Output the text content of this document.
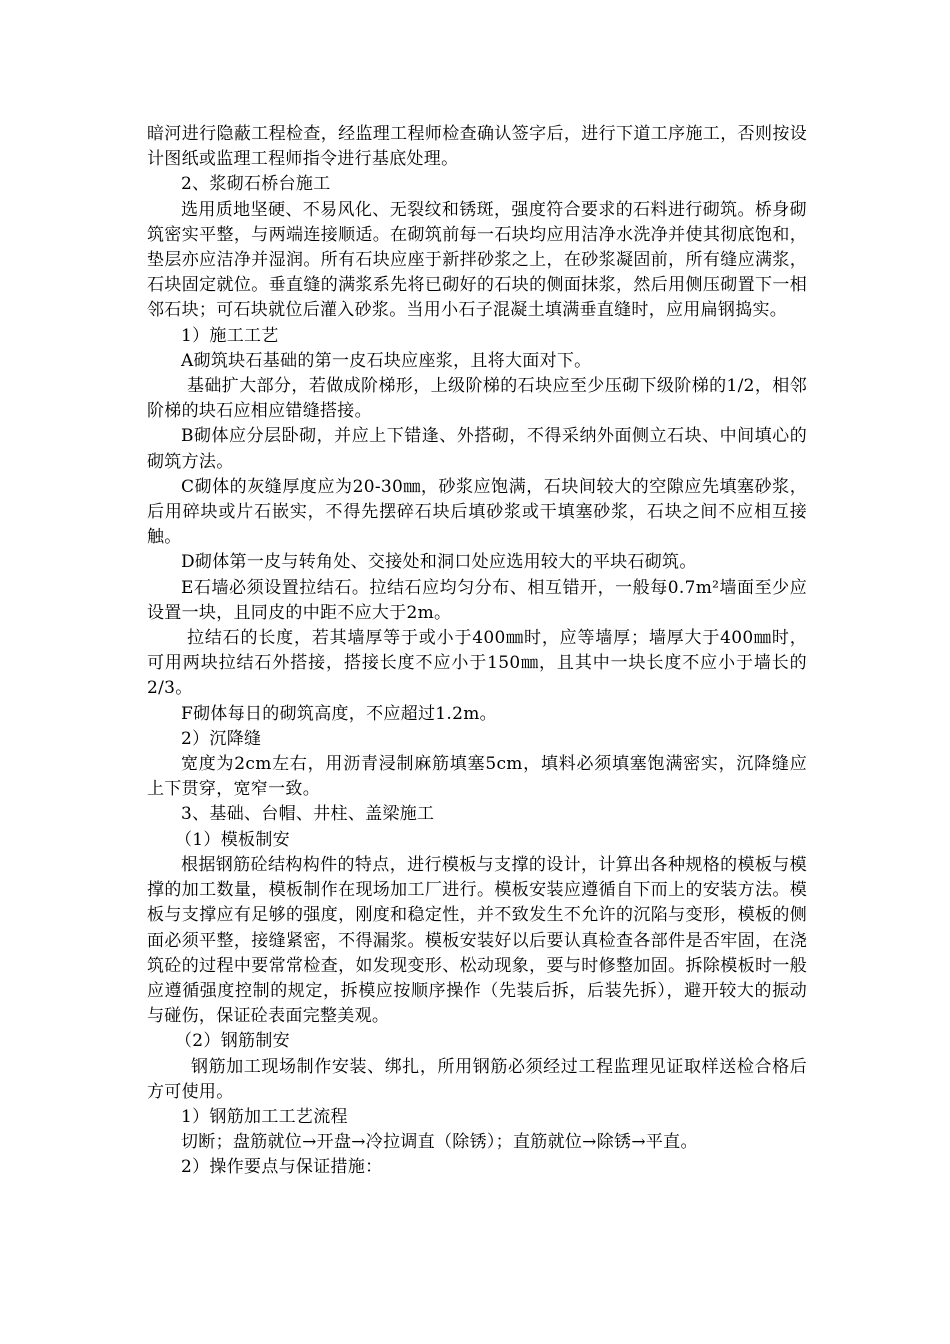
暗河进行隐蔽工程检查，经监理工程师检查确认签字后，进行下道工序施工，否则按设计图纸或监理工程师指令进行基底处理。

2、浆砌石桥台施工

选用质地坚硬、不易风化、无裂纹和锈斑，强度符合要求的石料进行砌筑。桥身砌筑密实平整，与两端连接顺适。在砌筑前每一石块均应用洁净水洗净并使其彻底饱和，垫层亦应洁净并湿润。所有石块应座于新拌砂浆之上，在砂浆凝固前，所有缝应满浆，石块固定就位。垂直缝的满浆系先将已砌好的石块的侧面抹浆，然后用侧压砌置下一相邻石块；可石块就位后灌入砂浆。当用小石子混凝土填满垂直缝时，应用扁钢捣实。

1）施工工艺

A砌筑块石基础的第一皮石块应座浆，且将大面对下。

基础扩大部分，若做成阶梯形，上级阶梯的石块应至少压砌下级阶梯的1/2，相邻阶梯的块石应相应错缝搭接。

B砌体应分层卧砌，并应上下错逢、外搭砌，不得采纳外面侧立石块、中间填心的砌筑方法。

C砌体的灰缝厚度应为20-30㎜，砂浆应饱满，石块间较大的空隙应先填塞砂浆，后用碎块或片石嵌实，不得先摆碎石块后填砂浆或干填塞砂浆，石块之间不应相互接触。

D砌体第一皮与转角处、交接处和洞口处应选用较大的平块石砌筑。

E石墙必须设置拉结石。拉结石应均匀分布、相互错开，一般每0.7m²墙面至少应设置一块，且同皮的中距不应大于2m。

拉结石的长度，若其墙厚等于或小于400㎜时，应等墙厚；墙厚大于400㎜时，可用两块拉结石外搭接，搭接长度不应小于150㎜，且其中一块长度不应小于墙长的2/3。

F砌体每日的砌筑高度，不应超过1.2m。

2）沉降缝

宽度为2cm左右，用沥青浸制麻筋填塞5cm，填料必须填塞饱满密实，沉降缝应上下贯穿，宽窄一致。

3、基础、台帽、井柱、盖梁施工

（1）模板制安

根据钢筋砼结构构件的特点，进行模板与支撑的设计，计算出各种规格的模板与模撑的加工数量，模板制作在现场加工厂进行。模板安装应遵循自下而上的安装方法。模板与支撑应有足够的强度，刚度和稳定性，并不致发生不允许的沉陷与变形，模板的侧面必须平整，接缝紧密，不得漏浆。模板安装好以后要认真检查各部件是否牢固，在浇筑砼的过程中要常常检查，如发现变形、松动现象，要与时修整加固。拆除模板时一般应遵循强度控制的规定，拆模应按顺序操作（先装后拆，后装先拆），避开较大的振动与碰伤，保证砼表面完整美观。

（2）钢筋制安

钢筋加工现场制作安装、绑扎，所用钢筋必须经过工程监理见证取样送检合格后方可使用。

1）钢筋加工工艺流程

切断；盘筋就位→开盘→冷拉调直（除锈）；直筋就位→除锈→平直。

2）操作要点与保证措施：
